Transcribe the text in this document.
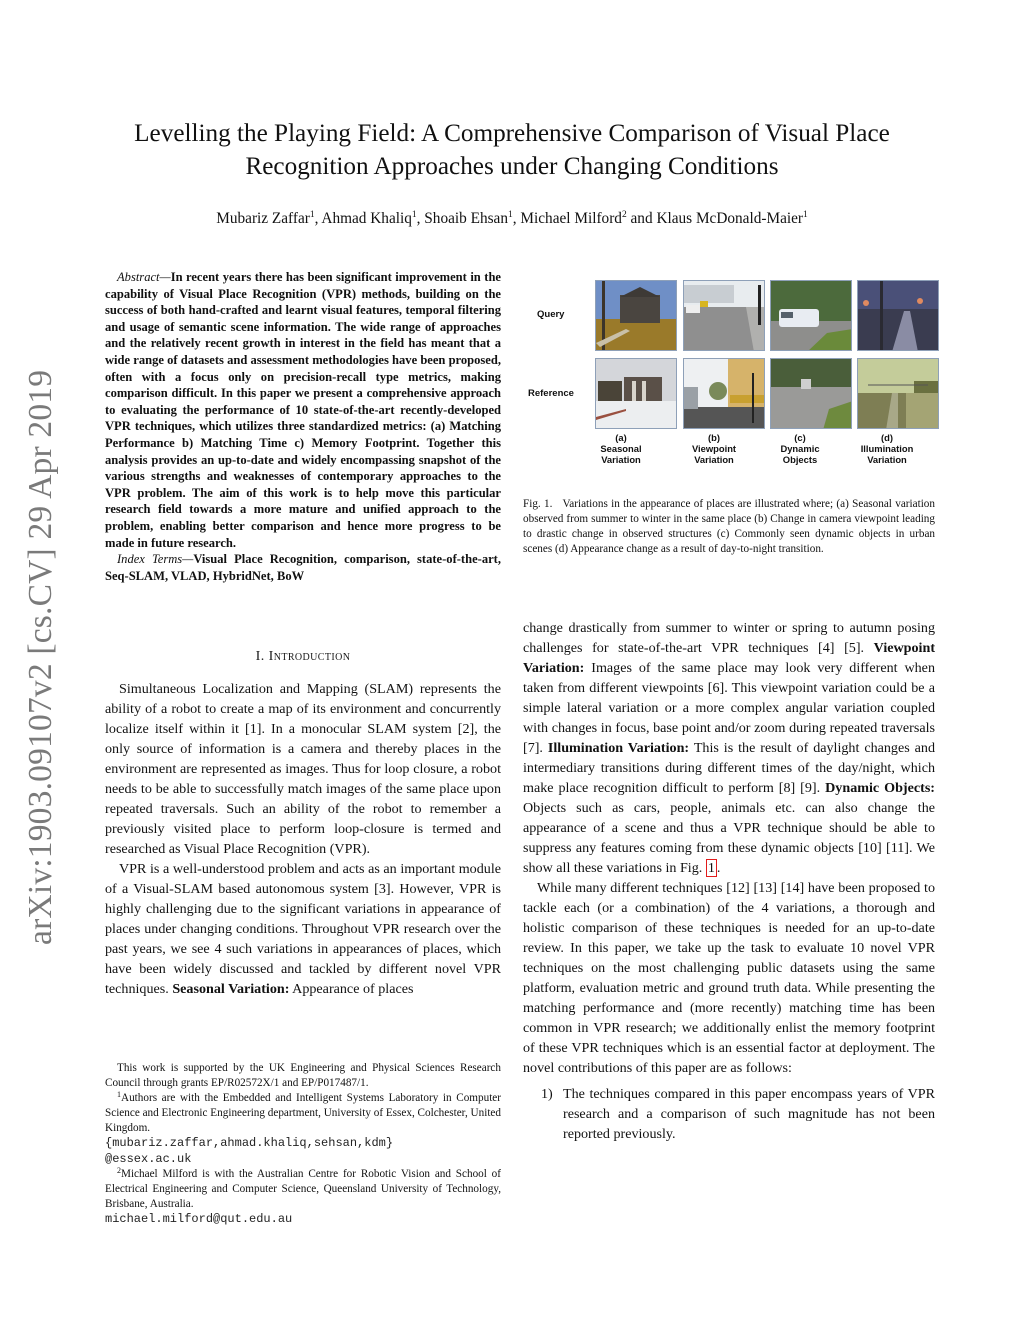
arXiv:1903.09107v2 [cs.CV] 29 Apr 2019
Levelling the Playing Field: A Comprehensive Comparison of Visual Place
Recognition Approaches under Changing Conditions
Mubariz Zaffar$^1$, Ahmad Khaliq$^1$, Shoaib Ehsan$^1$, Michael Milford$^2$ and Klaus McDonald-Maier$^1$

Abstract—In recent years there has been significant improvement in the capability of Visual Place Recognition (VPR) methods, building on the success of both hand-crafted and learnt visual features, temporal filtering and usage of semantic scene information. The wide range of approaches and the relatively recent growth in interest in the field has meant that a wide range of datasets and assessment methodologies have been proposed, often with a focus only on precision-recall type metrics, making comparison difficult. In this paper we present a comprehensive approach to evaluating the performance of 10 state-of-the-art recently-developed VPR techniques, which utilizes three standardized metrics: (a) Matching Performance b) Matching Time c) Memory Footprint. Together this analysis provides an up-to-date and widely encompassing snapshot of the various strengths and weaknesses of contemporary approaches to the VPR problem. The aim of this work is to help move this particular research field towards a more mature and unified approach to the problem, enabling better comparison and hence more progress to be made in future research.

Index Terms—Visual Place Recognition, comparison, state-of-the-art, Seq-SLAM, VLAD, HybridNet, BoW

I. Introduction

Simultaneous Localization and Mapping (SLAM) represents the ability of a robot to create a map of its environment and concurrently localize itself within it [1]. In a monocular SLAM system [2], the only source of information is a camera and thereby places in the environment are represented as images. Thus for loop closure, a robot needs to be able to successfully match images of the same place upon repeated traversals. Such an ability of the robot to remember a previously visited place to perform loop-closure is termed and researched as Visual Place Recognition (VPR).

VPR is a well-understood problem and acts as an important module of a Visual-SLAM based autonomous system [3]. However, VPR is highly challenging due to the significant variations in appearance of places under changing conditions. Throughout VPR research over the past years, we see 4 such variations in appearances of places, which have been widely discussed and tackled by different novel VPR techniques. Seasonal Variation: Appearance of places

This work is supported by the UK Engineering and Physical Sciences Research Council through grants EP/R02572X/1 and EP/P017487/1.

$^1$Authors are with the Embedded and Intelligent Systems Laboratory in Computer Science and Electronic Engineering department, University of Essex, Colchester, United Kingdom.
{mubariz.zaffar,ahmad.khaliq,sehsan,kdm}
@essex.ac.uk

$^2$Michael Milford is with the Australian Centre for Robotic Vision and School of Electrical Engineering and Computer Science, Queensland University of Technology, Brisbane, Australia.
michael.milford@qut.edu.au

Query
Reference
(a)
Seasonal
Variation
(b)
Viewpoint
Variation
(c)
Dynamic
Objects
(d)
Illumination
Variation
Fig. 1. Variations in the appearance of places are illustrated where; (a) Seasonal variation observed from summer to winter in the same place (b) Change in camera viewpoint leading to drastic change in observed structures (c) Commonly seen dynamic objects in urban scenes (d) Appearance change as a result of day-to-night transition.

change drastically from summer to winter or spring to autumn posing challenges for state-of-the-art VPR techniques [4] [5]. Viewpoint Variation: Images of the same place may look very different when taken from different viewpoints [6]. This viewpoint variation could be a simple lateral variation or a more complex angular variation coupled with changes in focus, base point and/or zoom during repeated traversals [7]. Illumination Variation: This is the result of daylight changes and intermediary transitions during different times of the day/night, which make place recognition difficult to perform [8] [9]. Dynamic Objects: Objects such as cars, people, animals etc. can also change the appearance of a scene and thus a VPR technique should be able to suppress any features coming from these dynamic objects [10] [11]. We show all these variations in Fig. 1 .

While many different techniques [12] [13] [14] have been proposed to tackle each (or a combination) of the 4 variations, a thorough and holistic comparison of these techniques is needed for an up-to-date review. In this paper, we take up the task to evaluate 10 novel VPR techniques on the most challenging public datasets using the same platform, evaluation metric and ground truth data. While presenting the matching performance and (more recently) matching time has been common in VPR research; we additionally enlist the memory footprint of these VPR techniques which is an essential factor at deployment. The novel contributions of this paper are as follows:

1) The techniques compared in this paper encompass years of VPR research and a comparison of such magnitude has not been reported previously.
